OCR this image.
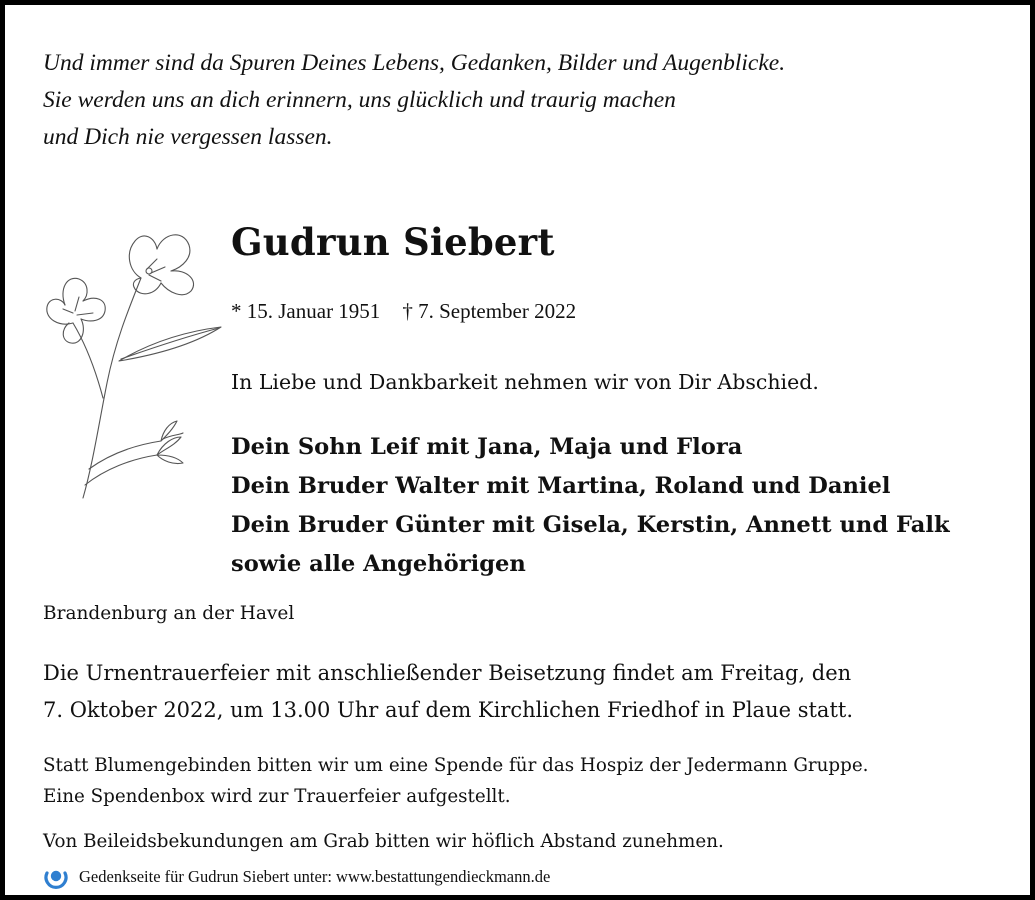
Und immer sind da Spuren Deines Lebens, Gedanken, Bilder und Augenblicke.
Sie werden uns an dich erinnern, uns glücklich und traurig machen
und Dich nie vergessen lassen.
Gudrun Siebert
* 15. Januar 1951 † 7. September 2022
In Liebe und Dankbarkeit nehmen wir von Dir Abschied.
Dein Sohn Leif mit Jana, Maja und Flora
Dein Bruder Walter mit Martina, Roland und Daniel
Dein Bruder Günter mit Gisela, Kerstin, Annett und Falk
sowie alle Angehörigen
Brandenburg an der Havel
Die Urnentrauerfeier mit anschließender Beisetzung findet am Freitag, den
7. Oktober 2022, um 13.00 Uhr auf dem Kirchlichen Friedhof in Plaue statt.
Statt Blumengebinden bitten wir um eine Spende für das Hospiz der Jedermann Gruppe.
Eine Spendenbox wird zur Trauerfeier aufgestellt.
Von Beileidsbekundungen am Grab bitten wir höflich Abstand zunehmen.
Gedenkseite für Gudrun Siebert unter: www.bestattungendieckmann.de
